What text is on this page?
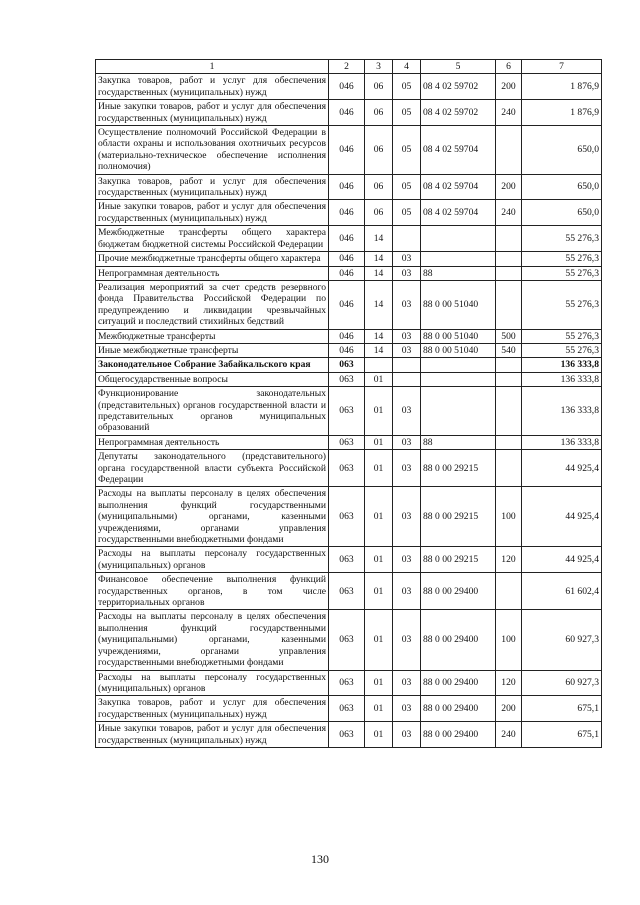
1	2	3	4	5	6	7
Закупка товаров, работ и услуг для обеспечения государственных (муниципальных) нужд	046	06	05	08 4 02 59702	200	1 876,9
Иные закупки товаров, работ и услуг для обеспечения государственных (муниципальных) нужд	046	06	05	08 4 02 59702	240	1 876,9
Осуществление полномочий Российской Федерации в области охраны и использования охотничьих ресурсов (материально-техническое обеспечение исполнения полномочия)	046	06	05	08 4 02 59704		650,0
Закупка товаров, работ и услуг для обеспечения государственных (муниципальных) нужд	046	06	05	08 4 02 59704	200	650,0
Иные закупки товаров, работ и услуг для обеспечения государственных (муниципальных) нужд	046	06	05	08 4 02 59704	240	650,0
Межбюджетные трансферты общего характера бюджетам бюджетной системы Российской Федерации	046	14				55 276,3
Прочие межбюджетные трансферты общего характера	046	14	03			55 276,3
Непрограммная деятельность	046	14	03	88		55 276,3
Реализация мероприятий за счет средств резервного фонда Правительства Российской Федерации по предупреждению и ликвидации чрезвычайных ситуаций и последствий стихийных бедствий	046	14	03	88 0 00 51040		55 276,3
Межбюджетные трансферты	046	14	03	88 0 00 51040	500	55 276,3
Иные межбюджетные трансферты	046	14	03	88 0 00 51040	540	55 276,3
Законодательное Собрание Забайкальского края	063					136 333,8
Общегосударственные вопросы	063	01				136 333,8
Функционирование законодательных (представительных) органов государственной власти и представительных органов муниципальных образований	063	01	03			136 333,8
Непрограммная деятельность	063	01	03	88		136 333,8
Депутаты законодательного (представительного) органа государственной власти субъекта Российской Федерации	063	01	03	88 0 00 29215		44 925,4
Расходы на выплаты персоналу в целях обеспечения выполнения функций государственными (муниципальными) органами, казенными учреждениями, органами управления государственными внебюджетными фондами	063	01	03	88 0 00 29215	100	44 925,4
Расходы на выплаты персоналу государственных (муниципальных) органов	063	01	03	88 0 00 29215	120	44 925,4
Финансовое обеспечение выполнения функций государственных органов, в том числе территориальных органов	063	01	03	88 0 00 29400		61 602,4
Расходы на выплаты персоналу в целях обеспечения выполнения функций государственными (муниципальными) органами, казенными учреждениями, органами управления государственными внебюджетными фондами	063	01	03	88 0 00 29400	100	60 927,3
Расходы на выплаты персоналу государственных (муниципальных) органов	063	01	03	88 0 00 29400	120	60 927,3
Закупка товаров, работ и услуг для обеспечения государственных (муниципальных) нужд	063	01	03	88 0 00 29400	200	675,1
Иные закупки товаров, работ и услуг для обеспечения государственных (муниципальных) нужд	063	01	03	88 0 00 29400	240	675,1
130
